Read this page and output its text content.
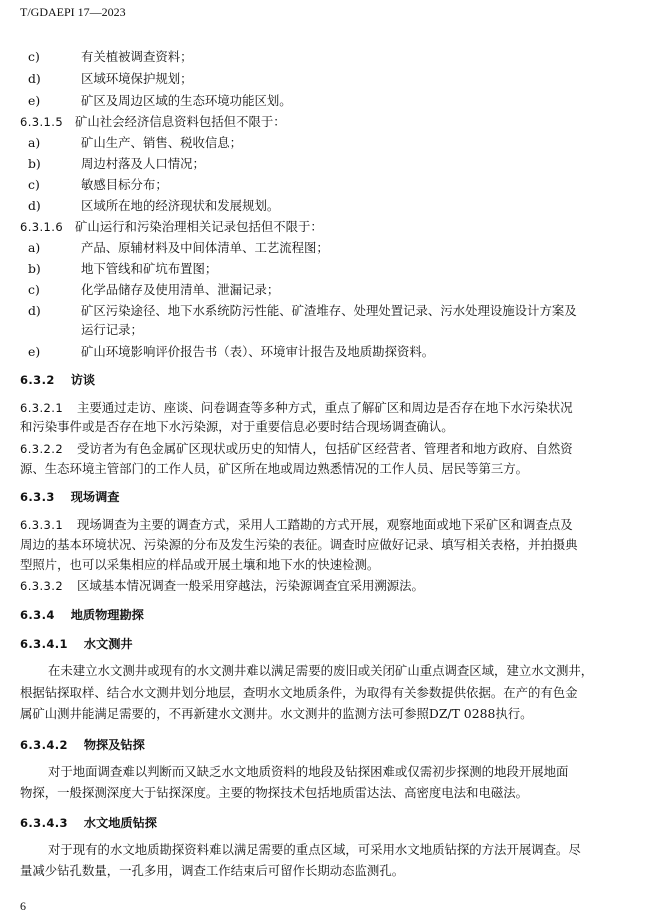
T/GDAEPI 17—2023
c)	有关植被调查资料；
d)	区域环境保护规划；
e)	矿区及周边区域的生态环境功能区划。
6.3.1.5 矿山社会经济信息资料包括但不限于：
a)	矿山生产、销售、税收信息；
b)	周边村落及人口情况；
c)	敏感目标分布；
d)	区域所在地的经济现状和发展规划。
6.3.1.6 矿山运行和污染治理相关记录包括但不限于：
a)	产品、原辅材料及中间体清单、工艺流程图；
b)	地下管线和矿坑布置图；
c)	化学品储存及使用清单、泄漏记录；
d)	矿区污染途径、地下水系统防污性能、矿渣堆存、处理处置记录、污水处理设施设计方案及
运行记录；
e)	矿山环境影响评价报告书（表）、环境审计报告及地质勘探资料。
6.3.2 访谈
6.3.2.1 主要通过走访、座谈、问卷调查等多种方式，重点了解矿区和周边是否存在地下水污染状况
和污染事件或是否存在地下水污染源，对于重要信息必要时结合现场调查确认。
6.3.2.2 受访者为有色金属矿区现状或历史的知情人，包括矿区经营者、管理者和地方政府、自然资
源、生态环境主管部门的工作人员，矿区所在地或周边熟悉情况的工作人员、居民等第三方。
6.3.3 现场调查
6.3.3.1 现场调查为主要的调查方式，采用人工踏勘的方式开展，观察地面或地下采矿区和调查点及
周边的基本环境状况、污染源的分布及发生污染的表征。调查时应做好记录、填写相关表格，并拍摄典
型照片，也可以采集相应的样品或开展土壤和地下水的快速检测。
6.3.3.2 区域基本情况调查一般采用穿越法，污染源调查宜采用溯源法。
6.3.4 地质物理勘探
6.3.4.1 水文测井
在未建立水文测井或现有的水文测井难以满足需要的废旧或关闭矿山重点调查区域，建立水文测井，
根据钻探取样、结合水文测井划分地层，查明水文地质条件，为取得有关参数提供依据。在产的有色金
属矿山测井能满足需要的，不再新建水文测井。水文测井的监测方法可参照DZ/T 0288执行。
6.3.4.2 物探及钻探
对于地面调查难以判断而又缺乏水文地质资料的地段及钻探困难或仅需初步探测的地段开展地面
物探，一般探测深度大于钻探深度。主要的物探技术包括地质雷达法、高密度电法和电磁法。
6.3.4.3 水文地质钻探
对于现有的水文地质勘探资料难以满足需要的重点区域，可采用水文地质钻探的方法开展调查。尽
量减少钻孔数量，一孔多用，调查工作结束后可留作长期动态监测孔。
6
